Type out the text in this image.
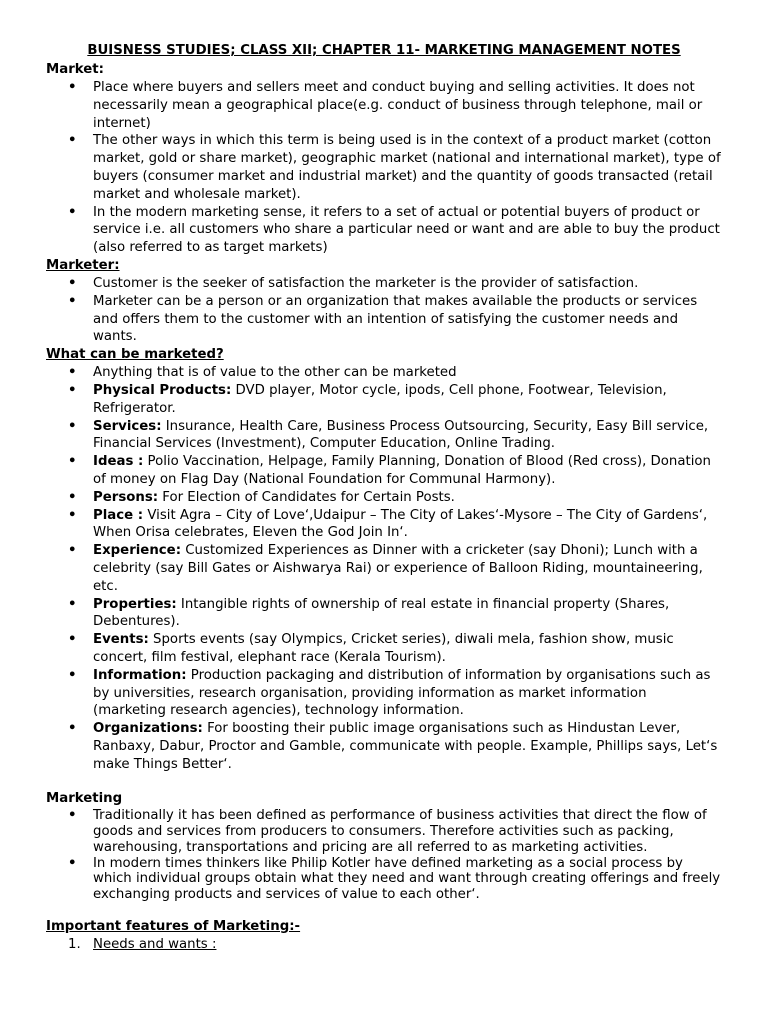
BUISNESS STUDIES; CLASS XII; CHAPTER 11- MARKETING MANAGEMENT NOTES
Market:
• Place where buyers and sellers meet and conduct buying and selling activities. It does not necessarily mean a geographical place(e.g. conduct of business through telephone, mail or internet)
• The other ways in which this term is being used is in the context of a product market (cotton market, gold or share market), geographic market (national and international market), type of buyers (consumer market and industrial market) and the quantity of goods transacted (retail market and wholesale market).
• In the modern marketing sense, it refers to a set of actual or potential buyers of product or service i.e. all customers who share a particular need or want and are able to buy the product (also referred to as target markets)
Marketer:
• Customer is the seeker of satisfaction the marketer is the provider of satisfaction.
• Marketer can be a person or an organization that makes available the products or services and offers them to the customer with an intention of satisfying the customer needs and wants.
What can be marketed?
• Anything that is of value to the other can be marketed
• Physical Products: DVD player, Motor cycle, ipods, Cell phone, Footwear, Television, Refrigerator.
• Services: Insurance, Health Care, Business Process Outsourcing, Security, Easy Bill service, Financial Services (Investment), Computer Education, Online Trading.
• Ideas : Polio Vaccination, Helpage, Family Planning, Donation of Blood (Red cross), Donation of money on Flag Day (National Foundation for Communal Harmony).
• Persons: For Election of Candidates for Certain Posts.
• Place : Visit Agra – City of Love‘,Udaipur – The City of Lakes‘-Mysore – The City of Gardens‘, When Orisa celebrates, Eleven the God Join In‘.
• Experience: Customized Experiences as Dinner with a cricketer (say Dhoni); Lunch with a celebrity (say Bill Gates or Aishwarya Rai) or experience of Balloon Riding, mountaineering, etc.
• Properties: Intangible rights of ownership of real estate in financial property (Shares, Debentures).
• Events: Sports events (say Olympics, Cricket series), diwali mela, fashion show, music concert, film festival, elephant race (Kerala Tourism).
• Information: Production packaging and distribution of information by organisations such as by universities, research organisation, providing information as market information (marketing research agencies), technology information.
• Organizations: For boosting their public image organisations such as Hindustan Lever, Ranbaxy, Dabur, Proctor and Gamble, communicate with people. Example, Phillips says, Let‘s make Things Better‘.
Marketing
• Traditionally it has been defined as performance of business activities that direct the flow of goods and services from producers to consumers. Therefore activities such as packing, warehousing, transportations and pricing are all referred to as marketing activities.
• In modern times thinkers like Philip Kotler have defined marketing as a social process by which individual groups obtain what they need and want through creating offerings and freely exchanging products and services of value to each other‘.
Important features of Marketing:-
1. Needs and wants :
